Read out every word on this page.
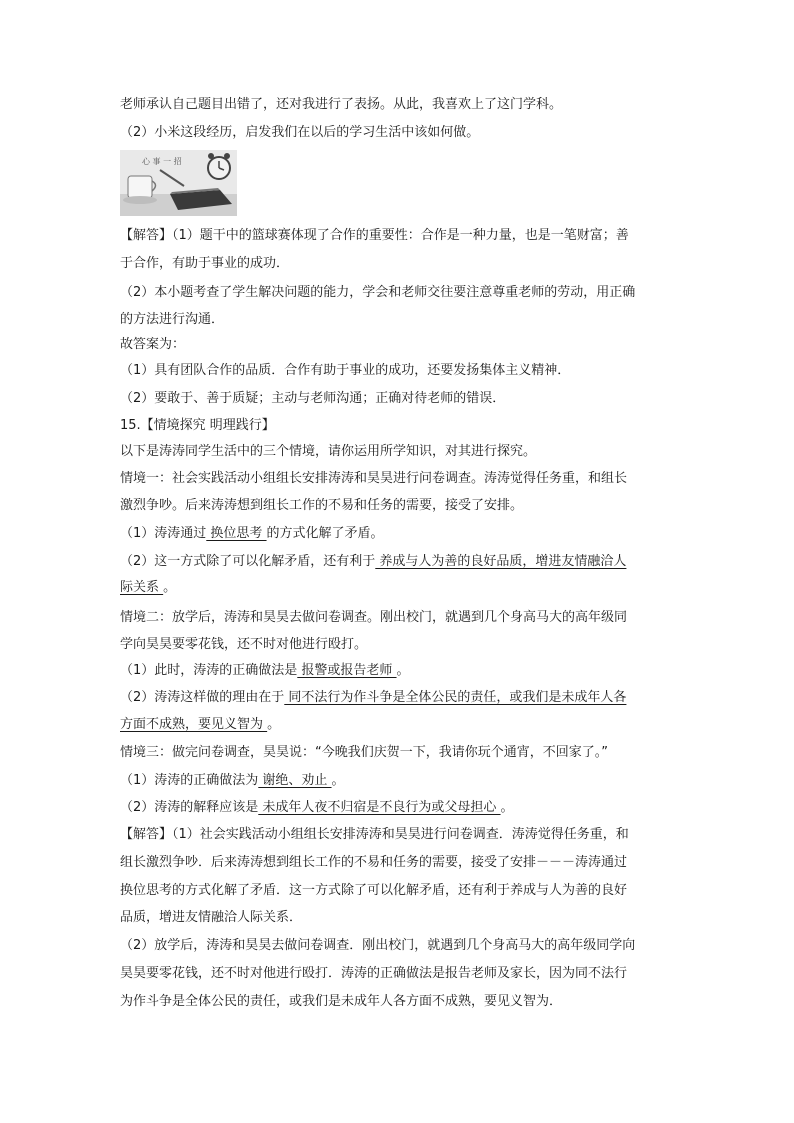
老师承认自己题目出错了，还对我进行了表扬。从此，我喜欢上了这门学科。
（2）小米这段经历，启发我们在以后的学习生活中该如何做。
心 事 一 招
【解答】（1）题干中的篮球赛体现了合作的重要性：合作是一种力量，也是一笔财富；善
于合作，有助于事业的成功．
（2）本小题考查了学生解决问题的能力，学会和老师交往要注意尊重老师的劳动，用正确
的方法进行沟通．
故答案为：
（1）具有团队合作的品质．合作有助于事业的成功，还要发扬集体主义精神．
（2）要敢于、善于质疑；主动与老师沟通；正确对待老师的错误．
15.【情境探究 明理践行】
以下是涛涛同学生活中的三个情境，请你运用所学知识，对其进行探究。
情境一：社会实践活动小组组长安排涛涛和昊昊进行问卷调查。涛涛觉得任务重，和组长
激烈争吵。后来涛涛想到组长工作的不易和任务的需要，接受了安排。
（1）涛涛通过 换位思考 的方式化解了矛盾。
（2）这一方式除了可以化解矛盾，还有利于 养成与人为善的良好品质，增进友情融洽人
际关系 。
情境二：放学后，涛涛和昊昊去做问卷调查。刚出校门，就遇到几个身高马大的高年级同
学向昊昊要零花钱，还不时对他进行殴打。
（1）此时，涛涛的正确做法是 报警或报告老师 。
（2）涛涛这样做的理由在于 同不法行为作斗争是全体公民的责任，或我们是未成年人各
方面不成熟，要见义智为 。
情境三：做完问卷调查，昊昊说：“今晚我们庆贺一下，我请你玩个通宵，不回家了。”
（1）涛涛的正确做法为 谢绝、劝止 。
（2）涛涛的解释应该是 未成年人夜不归宿是不良行为或父母担心 。
【解答】（1）社会实践活动小组组长安排涛涛和昊昊进行问卷调查．涛涛觉得任务重，和
组长激烈争吵．后来涛涛想到组长工作的不易和任务的需要，接受了安排－－－涛涛通过
换位思考的方式化解了矛盾．这一方式除了可以化解矛盾，还有利于养成与人为善的良好
品质，增进友情融洽人际关系．
（2）放学后，涛涛和昊昊去做问卷调查．刚出校门，就遇到几个身高马大的高年级同学向
昊昊要零花钱，还不时对他进行殴打．涛涛的正确做法是报告老师及家长，因为同不法行
为作斗争是全体公民的责任，或我们是未成年人各方面不成熟，要见义智为．
